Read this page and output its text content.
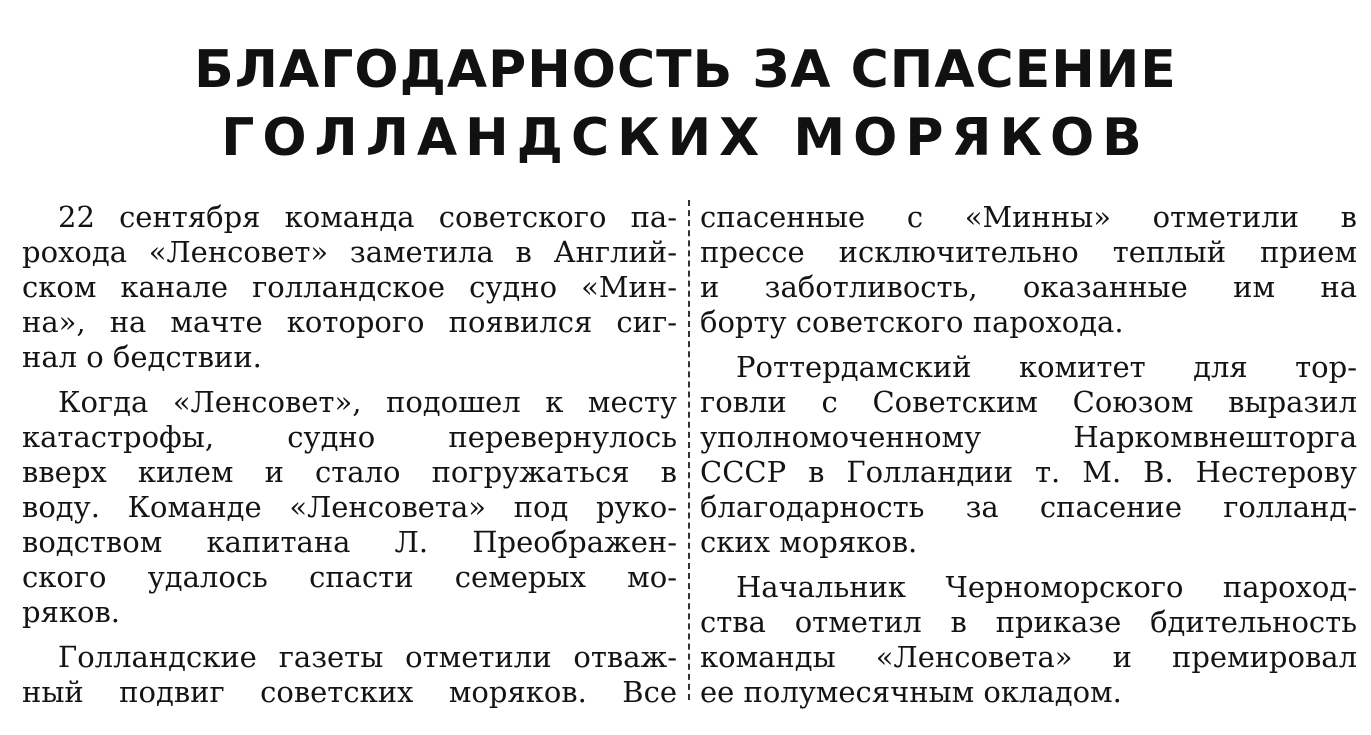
БЛАГОДАРНОСТЬ ЗА СПАСЕНИЕ
ГОЛЛАНДСКИХ МОРЯКОВ
22 сентября команда советского па-
рохода «Ленсовет» заметила в Англий-
ском канале голландское судно «Мин-
на», на мачте которого появился сиг-
нал о бедствии.
Когда «Ленсовет», подошел к месту
катастрофы, судно перевернулось
вверх килем и стало погружаться в
воду. Команде «Ленсовета» под руко-
водством капитана Л. Преображен-
ского удалось спасти семерых мо-
ряков.
Голландские газеты отметили отваж-
ный подвиг советских моряков. Все
спасенные с «Минны» отметили в
прессе исключительно теплый прием
и заботливость, оказанные им на
борту советского парохода.
Роттердамский комитет для тор-
говли с Советским Союзом выразил
уполномоченному Наркомвнешторга
СССР в Голландии т. М. В. Нестерову
благодарность за спасение голланд-
ских моряков.
Начальник Черноморского пароход-
ства отметил в приказе бдительность
команды «Ленсовета» и премировал
ее полумесячным окладом.
